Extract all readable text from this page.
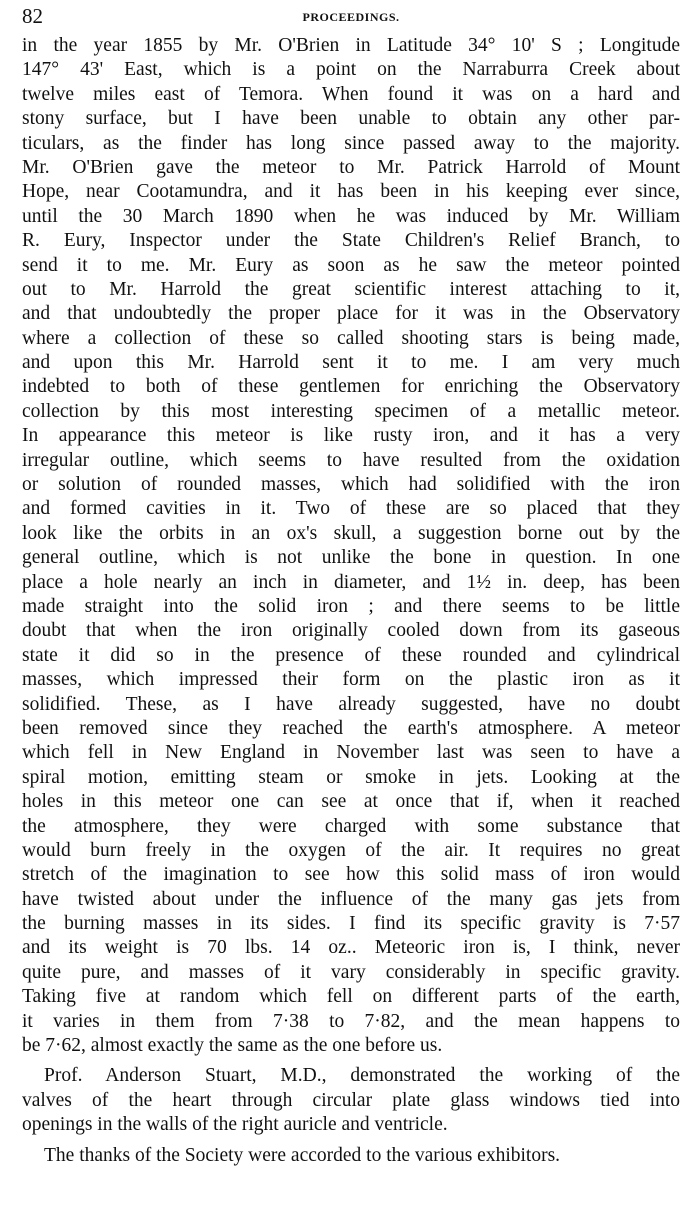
82	PROCEEDINGS.
in the year 1855 by Mr. O'Brien in Latitude 34° 10' S ; Longitude
147° 43' East, which is a point on the Narraburra Creek about
twelve miles east of Temora. When found it was on a hard and
stony surface, but I have been unable to obtain any other par-
ticulars, as the finder has long since passed away to the majority.
Mr. O'Brien gave the meteor to Mr. Patrick Harrold of Mount
Hope, near Cootamundra, and it has been in his keeping ever since,
until the 30 March 1890 when he was induced by Mr. William
R. Eury, Inspector under the State Children's Relief Branch, to
send it to me. Mr. Eury as soon as he saw the meteor pointed
out to Mr. Harrold the great scientific interest attaching to it,
and that undoubtedly the proper place for it was in the Observatory
where a collection of these so called shooting stars is being made,
and upon this Mr. Harrold sent it to me. I am very much
indebted to both of these gentlemen for enriching the Observatory
collection by this most interesting specimen of a metallic meteor.
In appearance this meteor is like rusty iron, and it has a very
irregular outline, which seems to have resulted from the oxidation
or solution of rounded masses, which had solidified with the iron
and formed cavities in it. Two of these are so placed that they
look like the orbits in an ox's skull, a suggestion borne out by the
general outline, which is not unlike the bone in question. In one
place a hole nearly an inch in diameter, and 1½ in. deep, has been
made straight into the solid iron ; and there seems to be little
doubt that when the iron originally cooled down from its gaseous
state it did so in the presence of these rounded and cylindrical
masses, which impressed their form on the plastic iron as it
solidified. These, as I have already suggested, have no doubt
been removed since they reached the earth's atmosphere. A meteor
which fell in New England in November last was seen to have a
spiral motion, emitting steam or smoke in jets. Looking at the
holes in this meteor one can see at once that if, when it reached
the atmosphere, they were charged with some substance that
would burn freely in the oxygen of the air. It requires no great
stretch of the imagination to see how this solid mass of iron would
have twisted about under the influence of the many gas jets from
the burning masses in its sides. I find its specific gravity is 7·57
and its weight is 70 lbs. 14 oz.. Meteoric iron is, I think, never
quite pure, and masses of it vary considerably in specific gravity.
Taking five at random which fell on different parts of the earth,
it varies in them from 7·38 to 7·82, and the mean happens to
be 7·62, almost exactly the same as the one before us.
Prof. Anderson Stuart, M.D., demonstrated the working of the
valves of the heart through circular plate glass windows tied into
openings in the walls of the right auricle and ventricle.
The thanks of the Society were accorded to the various exhibitors.
